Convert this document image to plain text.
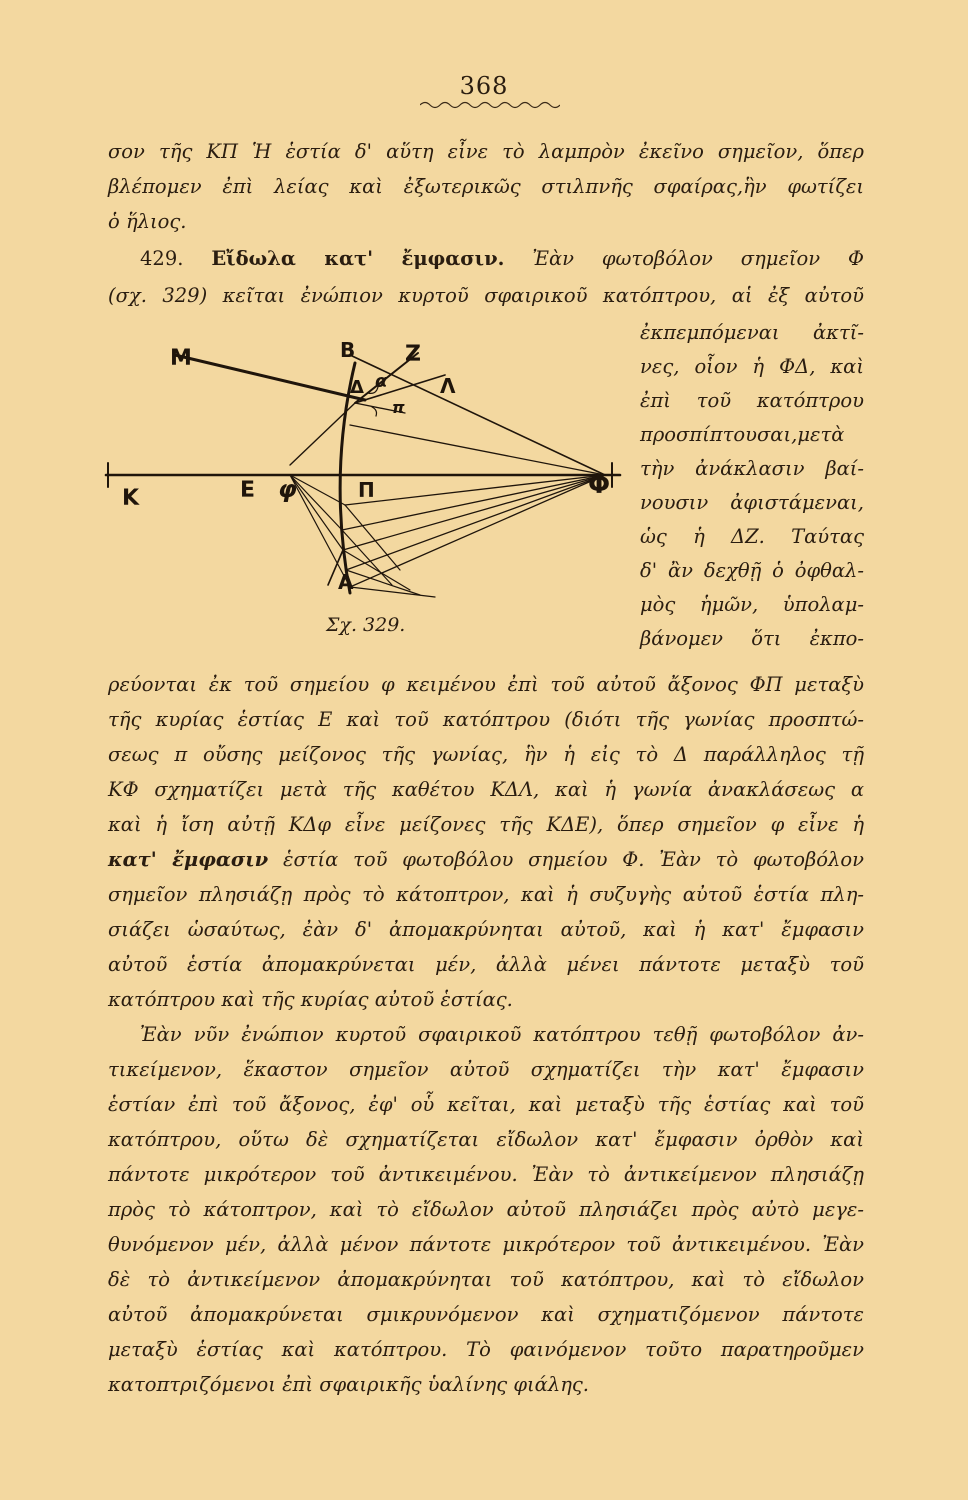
368
σον τῆς ΚΠ Ἡ ἑστία δ' αὕτη εἶνε τὸ λαμπρὸν ἐκεῖνο σημεῖον, ὅπερ
βλέπομεν ἐπὶ λείας καὶ ἐξωτερικῶς στιλπνῆς σφαίρας,ἣν φωτίζει
ὁ ἥλιος.
429. Εἴδωλα κατ' ἔμφασιν. Ἐὰν φωτοβόλον σημεῖον Φ
(σχ. 329) κεῖται ἐνώπιον κυρτοῦ σφαιρικοῦ κατόπτρου, αἱ ἐξ αὐτοῦ
ἐκπεμπόμεναι ἀκτῖ-
νες, οἷον ἡ ΦΔ, καὶ
ἐπὶ τοῦ κατόπτρου
προσπίπτουσαι,μετὰ
τὴν ἀνάκλασιν βαί-
νουσιν ἀφιστάμεναι,
ὡς ἡ ΔΖ. Ταύτας
δ' ἂν δεχθῇ ὁ ὀφθαλ-
μὸς ἡμῶν, ὑπολαμ-
βάνομεν ὅτι ἐκπο-
Μ	Β Ζ
Δ α	Λ
π
Κ	Ε φ	Π	Φ
Α
Σχ. 329.
ρεύονται ἐκ τοῦ σημείου φ κειμένου ἐπὶ τοῦ αὐτοῦ ἄξονος ΦΠ μεταξὺ
τῆς κυρίας ἑστίας Ε καὶ τοῦ κατόπτρου (διότι τῆς γωνίας προσπτώ-
σεως π οὔσης μείζονος τῆς γωνίας, ἣν ἡ εἰς τὸ Δ παράλληλος τῇ
ΚΦ σχηματίζει μετὰ τῆς καθέτου ΚΔΛ, καὶ ἡ γωνία ἀνακλάσεως α
καὶ ἡ ἴση αὐτῇ ΚΔφ εἶνε μείζονες τῆς ΚΔΕ), ὅπερ σημεῖον φ εἶνε ἡ
κατ' ἔμφασιν ἑστία τοῦ φωτοβόλου σημείου Φ. Ἐὰν τὸ φωτοβόλον
σημεῖον πλησιάζῃ πρὸς τὸ κάτοπτρον, καὶ ἡ συζυγὴς αὐτοῦ ἑστία πλη-
σιάζει ὡσαύτως, ἐὰν δ' ἀπομακρύνηται αὐτοῦ, καὶ ἡ κατ' ἔμφασιν
αὐτοῦ ἑστία ἀπομακρύνεται μέν, ἀλλὰ μένει πάντοτε μεταξὺ τοῦ
κατόπτρου καὶ τῆς κυρίας αὐτοῦ ἑστίας.
Ἐὰν νῦν ἐνώπιον κυρτοῦ σφαιρικοῦ κατόπτρου τεθῇ φωτοβόλον ἀν-
τικείμενον, ἕκαστον σημεῖον αὐτοῦ σχηματίζει τὴν κατ' ἔμφασιν
ἑστίαν ἐπὶ τοῦ ἄξονος, ἐφ' οὗ κεῖται, καὶ μεταξὺ τῆς ἑστίας καὶ τοῦ
κατόπτρου, οὕτω δὲ σχηματίζεται εἴδωλον κατ' ἔμφασιν ὀρθὸν καὶ
πάντοτε μικρότερον τοῦ ἀντικειμένου. Ἐὰν τὸ ἀντικείμενον πλησιάζῃ
πρὸς τὸ κάτοπτρον, καὶ τὸ εἴδωλον αὐτοῦ πλησιάζει πρὸς αὐτὸ μεγε-
θυνόμενον μέν, ἀλλὰ μένον πάντοτε μικρότερον τοῦ ἀντικειμένου. Ἐὰν
δὲ τὸ ἀντικείμενον ἀπομακρύνηται τοῦ κατόπτρου, καὶ τὸ εἴδωλον
αὐτοῦ ἀπομακρύνεται σμικρυνόμενον καὶ σχηματιζόμενον πάντοτε
μεταξὺ ἑστίας καὶ κατόπτρου. Τὸ φαινόμενον τοῦτο παρατηροῦμεν
κατοπτριζόμενοι ἐπὶ σφαιρικῆς ὑαλίνης φιάλης.
